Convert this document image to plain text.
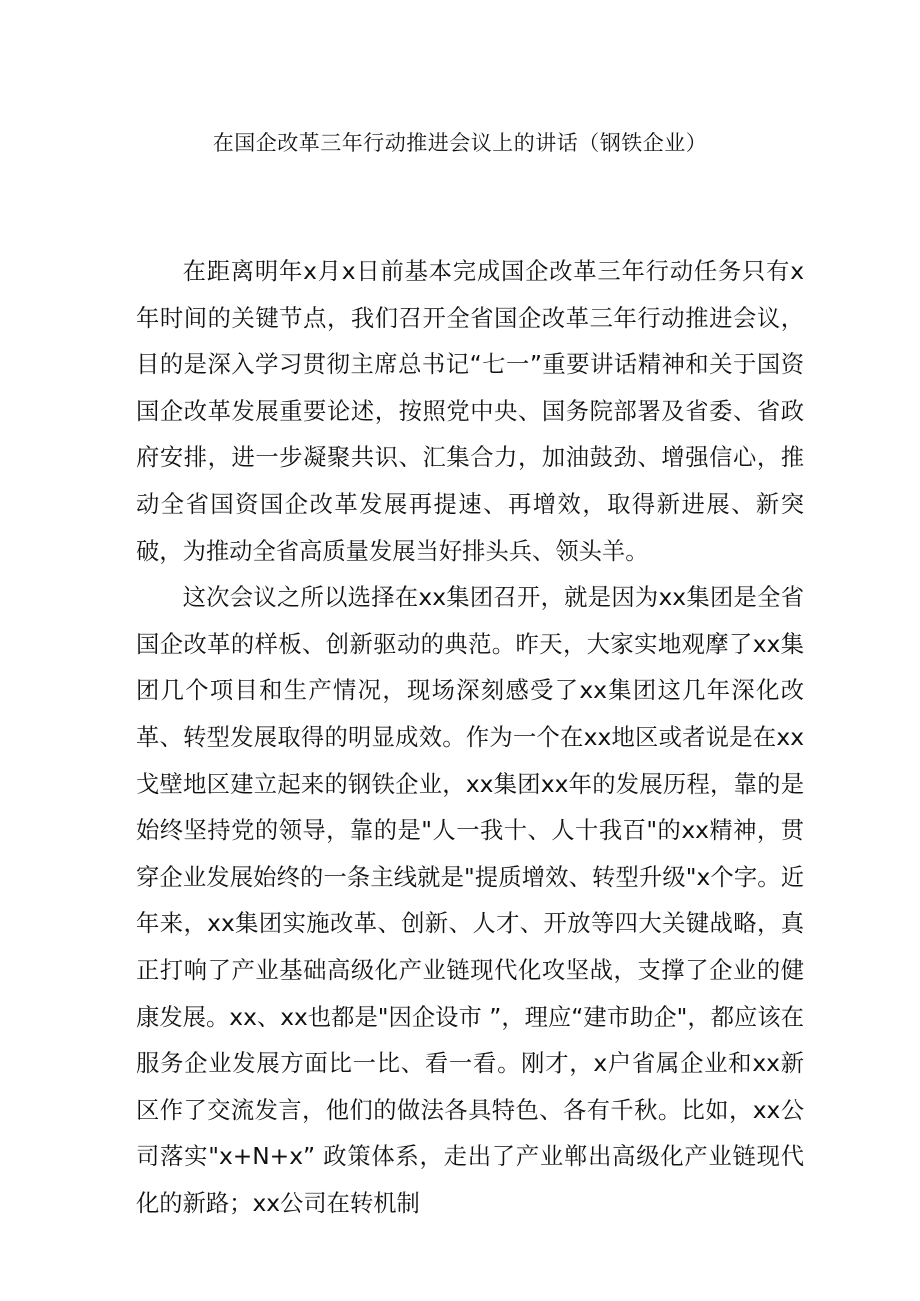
在国企改革三年行动推进会议上的讲话（钢铁企业）

在距离明年x月x日前基本完成国企改革三年行动任务只有x年时间的关键节点，我们召开全省国企改革三年行动推进会议，目的是深入学习贯彻主席总书记“七一”重要讲话精神和关于国资国企改革发展重要论述，按照党中央、国务院部署及省委、省政府安排，进一步凝聚共识、汇集合力，加油鼓劲、增强信心，推动全省国资国企改革发展再提速、再增效，取得新进展、新突破，为推动全省高质量发展当好排头兵、领头羊。

这次会议之所以选择在xx集团召开，就是因为xx集团是全省国企改革的样板、创新驱动的典范。昨天，大家实地观摩了xx集团几个项目和生产情况，现场深刻感受了xx集团这几年深化改革、转型发展取得的明显成效。作为一个在xx地区或者说是在xx戈壁地区建立起来的钢铁企业，xx集团xx年的发展历程，靠的是始终坚持党的领导，靠的是"人一我十、人十我百"的xx精神，贯穿企业发展始终的一条主线就是"提质增效、转型升级"x个字。近年来，xx集团实施改革、创新、人才、开放等四大关键战略，真正打响了产业基础高级化产业链现代化攻坚战，支撑了企业的健康发展。xx、xx也都是"因企设市 ”，理应“建市助企"，都应该在服务企业发展方面比一比、看一看。刚才，x户省属企业和xx新区作了交流发言，他们的做法各具特色、各有千秋。比如，xx公司落实"x+N+x” 政策体系，走出了产业郸出高级化产业链现代化的新路；xx公司在转机制
